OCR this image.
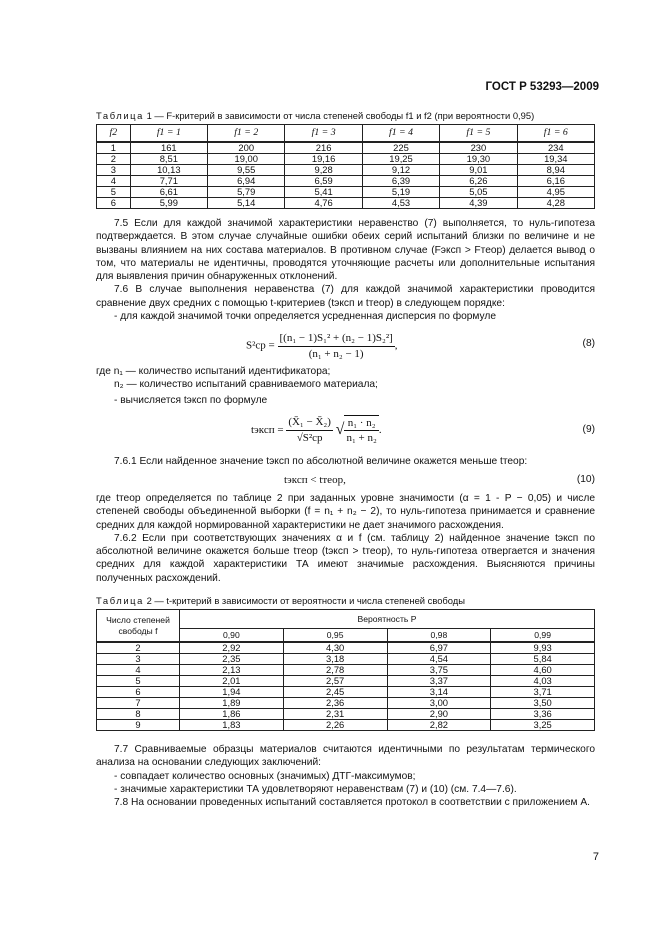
ГОСТ Р 53293—2009
Таблица 1 — F-критерий в зависимости от числа степеней свободы f1 и f2 (при вероятности 0,95)
f2	f1 = 1	f1 = 2	f1 = 3	f1 = 4	f1 = 5	f1 = 6
1	161	200	216	225	230	234
2	8,51	19,00	19,16	19,25	19,30	19,34
3	10,13	9,55	9,28	9,12	9,01	8,94
4	7,71	6,94	6,59	6,39	6,26	6,16
5	6,61	5,79	5,41	5,19	5,05	4,95
6	5,99	5,14	4,76	4,53	4,39	4,28

7.5 Если для каждой значимой характеристики неравенство (7) выполняется, то нуль-гипотеза подтверждается. В этом случае случайные ошибки обеих серий испытаний близки по величине и не вызваны влиянием на них состава материалов. В противном случае (Fэксп > Fтеор) делается вывод о том, что материалы не идентичны, проводятся уточняющие расчеты или дополнительные испытания для выявления причин обнаруженных отклонений.

7.6 В случае выполнения неравенства (7) для каждой значимой характеристики проводится сравнение двух средних с помощью t-критериев (tэксп и tтеор) в следующем порядке:

- для каждой значимой точки определяется усредненная дисперсия по формуле

$S^2ср = \frac{\text{[(n₁ − 1)S₁² + (n₂ − 1)S₂²]}}{\text{(n₁ + n₂ − 1)}}$ ,	(8)

где n₁ — количество испытаний идентификатора;

n₂ — количество испытаний сравниваемого материала;

- вычисляется tэксп по формуле

tэксп = $\frac{\text{(X̄₁ − X̄₂)}}{\text{√S²ср}}$ √ $\frac{\text{n₁ · n₂}}{\text{n₁ + n₂}}$ .	(9)

7.6.1 Если найденное значение tэксп по абсолютной величине окажется меньше tтеор:

tэксп < tтеор,	(10)

где tтеор определяется по таблице 2 при заданных уровне значимости (α = 1 - P − 0,05) и числе степеней свободы объединенной выборки (f = n₁ + n₂ − 2), то нуль-гипотеза принимается и сравнение средних для каждой нормированной характеристики не дает значимого расхождения.

7.6.2 Если при соответствующих значениях α и f (см. таблицу 2) найденное значение tэксп по абсолютной величине окажется больше tтеор (tэксп > tтеор), то нуль-гипотеза отвергается и значения средних для каждой характеристики ТА имеют значимые расхождения. Выясняются причины полученных расхождений.

Таблица 2 — t-критерий в зависимости от вероятности и числа степеней свободы
Число степеней свободы f	Вероятность P			
	0,90	0,95	0,98	0,99
2	2,92	4,30	6,97	9,93
3	2,35	3,18	4,54	5,84
4	2,13	2,78	3,75	4,60
5	2,01	2,57	3,37	4,03
6	1,94	2,45	3,14	3,71
7	1,89	2,36	3,00	3,50
8	1,86	2,31	2,90	3,36
9	1,83	2,26	2,82	3,25

7.7 Сравниваемые образцы материалов считаются идентичными по результатам термического анализа на основании следующих заключений:

- совпадает количество основных (значимых) ДТГ-максимумов;

- значимые характеристики ТА удовлетворяют неравенствам (7) и (10) (см. 7.4—7.6).

7.8 На основании проведенных испытаний составляется протокол в соответствии с приложением А.

7
